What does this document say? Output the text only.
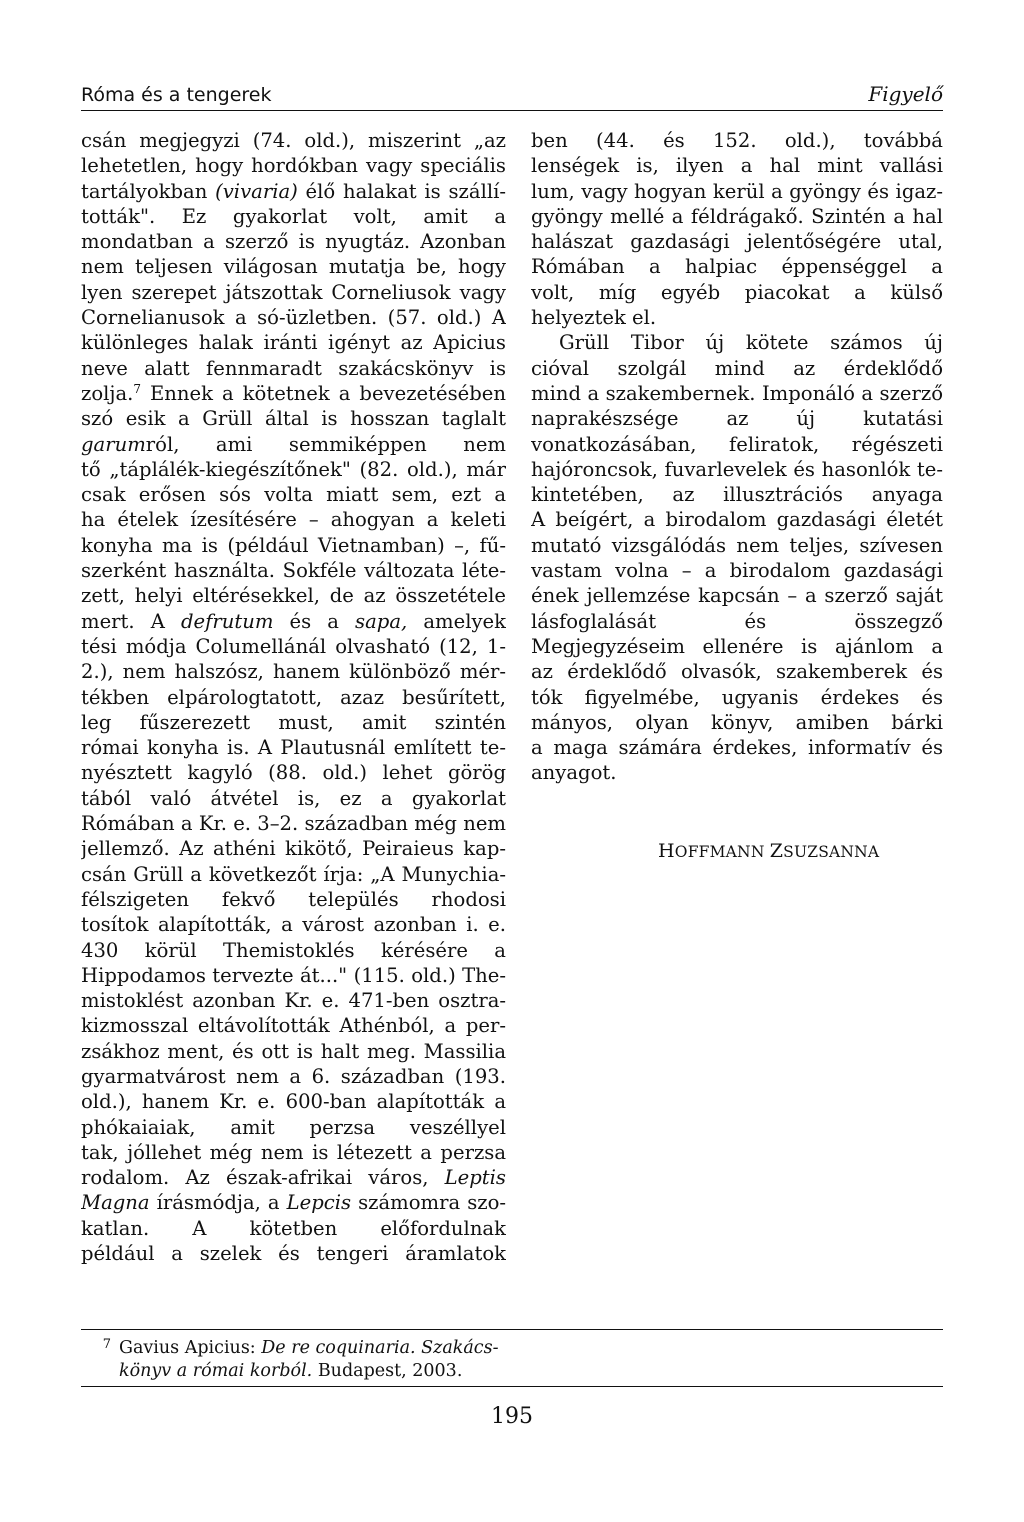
Róma és a tengerek	Figyelő
csán megjegyzi (74. old.), miszerint „az
lehetetlen, hogy hordókban vagy speciális
tartályokban (vivaria) élő halakat is szállí-
tották". Ez gyakorlat volt, amit a
mondatban a szerző is nyugtáz. Azonban
nem teljesen világosan mutatja be, hogy
lyen szerepet játszottak Corneliusok vagy
Cornelianusok a só-üzletben. (57. old.) A
különleges halak iránti igényt az Apicius
neve alatt fennmaradt szakácskönyv is
zolja.$^7$ Ennek a kötetnek a bevezetésében
szó esik a Grüll által is hosszan taglalt
garumról, ami semmiképpen nem
tő „táplálék-kiegészítőnek" (82. old.), már
csak erősen sós volta miatt sem, ezt a
ha ételek ízesítésére – ahogyan a keleti
konyha ma is (például Vietnamban) –, fű-
szerként használta. Sokféle változata léte-
zett, helyi eltérésekkel, de az összetétele
mert. A defrutum és a sapa, amelyek
tési módja Columellánál olvasható (12, 1-
2.), nem halszósz, hanem különböző mér-
tékben elpárologtatott, azaz besűrített,
leg fűszerezett must, amit szintén
római konyha is. A Plautusnál említett te-
nyésztett kagyló (88. old.) lehet görög
tából való átvétel is, ez a gyakorlat
Rómában a Kr. e. 3–2. században még nem
jellemző. Az athéni kikötő, Peiraieus kap-
csán Grüll a következőt írja: „A Munychia-
félszigeten fekvő település rhodosi
tosítok alapították, a várost azonban i. e.
430 körül Themistoklés kérésére a
Hippodamos tervezte át..." (115. old.) The-
mistoklést azonban Kr. e. 471-ben osztra-
kizmosszal eltávolították Athénból, a per-
zsákhoz ment, és ott is halt meg. Massilia
gyarmatvárost nem a 6. században (193.
old.), hanem Kr. e. 600-ban alapították a
phókaiaiak, amit perzsa veszéllyel
tak, jóllehet még nem is létezett a perzsa
rodalom. Az észak-afrikai város, Leptis
Magna írásmódja, a Lepcis számomra szo-
katlan. A kötetben előfordulnak
például a szelek és tengeri áramlatok
ben (44. és 152. old.), továbbá
lenségek is, ilyen a hal mint vallási
lum, vagy hogyan kerül a gyöngy és igaz-
gyöngy mellé a féldrágakő. Szintén a hal
halászat gazdasági jelentőségére utal,
Rómában a halpiac éppenséggel a
volt, míg egyéb piacokat a külső
helyeztek el.
Grüll Tibor új kötete számos új
cióval szolgál mind az érdeklődő
mind a szakembernek. Imponáló a szerző
naprakészsége az új kutatási
vonatkozásában, feliratok, régészeti
hajóroncsok, fuvarlevelek és hasonlók te-
kintetében, az illusztrációs anyaga
A beígért, a birodalom gazdasági életét
mutató vizsgálódás nem teljes, szívesen
vastam volna – a birodalom gazdasági
ének jellemzése kapcsán – a szerző saját
lásfoglalását és összegző
Megjegyzéseim ellenére is ajánlom a
az érdeklődő olvasók, szakemberek és
tók figyelmébe, ugyanis érdekes és
mányos, olyan könyv, amiben bárki
a maga számára érdekes, informatív és
anyagot.
HOFFMANN ZSUZSANNA
7 Gavius Apicius: De re coquinaria. Szakács-
könyv a római korból. Budapest, 2003.
195
